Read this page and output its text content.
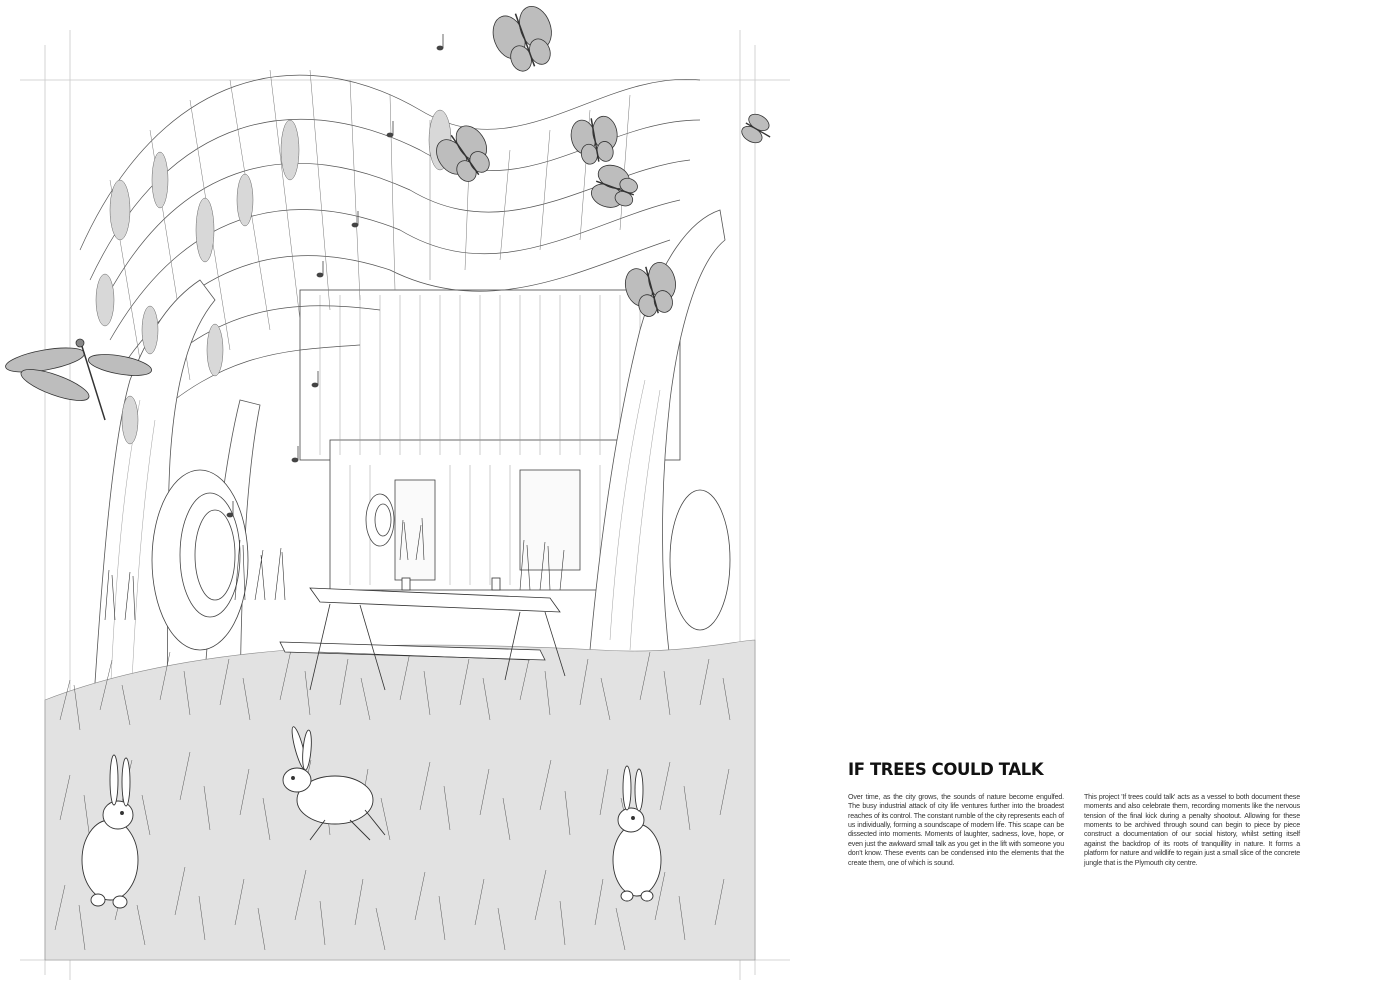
IF TREES COULD TALK

Over time, as the city grows, the sounds of nature become engulfed. The busy industrial attack of city life ventures further into the broadest reaches of its control. The constant rumble of the city represents each of us individually, forming a soundscape of modern life. This scape can be dissected into moments. Moments of laughter, sadness, love, hope, or even just the awkward small talk as you get in the lift with someone you don't know. These events can be condensed into the elements that the create them, one of which is sound.

This project 'If trees could talk' acts as a vessel to both document these moments and also celebrate them, recording moments like the nervous tension of the final kick during a penalty shootout. Allowing for these moments to be archived through sound can begin to piece by piece construct a documentation of our social history, whilst setting itself against the backdrop of its roots of tranquillity in nature. It forms a platform for nature and wildlife to regain just a small slice of the concrete jungle that is the Plymouth city centre.
